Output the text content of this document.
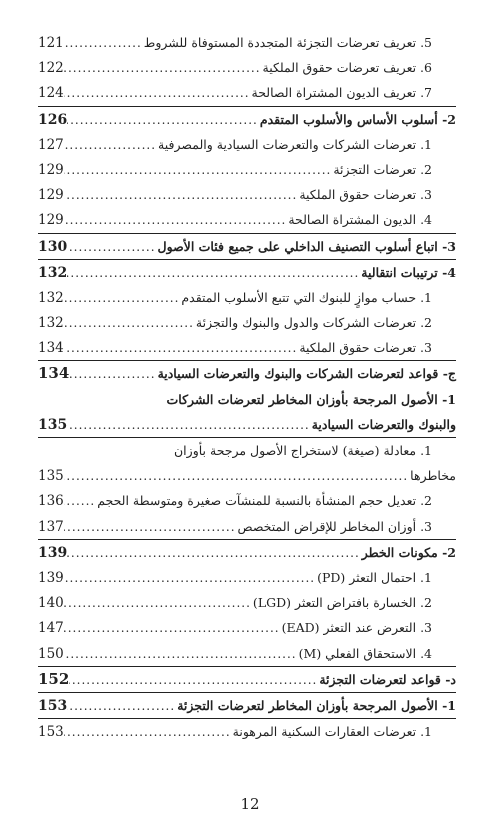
5. تعريف تعرضات التجزئة المتجددة المستوفاة للشروط
.....
121
6. تعريف تعرضات حقوق الملكية
.....
122
7. تعريف الديون المشتراة الصالحة
.....
124
2- أسلوب الأساس والأسلوب المتقدم
.....
126
1. تعرضات الشركات والتعرضات السيادية والمصرفية
.....
127
2. تعرضات التجزئة
.....
129
3. تعرضات حقوق الملكية
.....
129
4. الديون المشتراة الصالحة
.....
129
3- اتباع أسلوب التصنيف الداخلي على جميع فئات الأصول
.....
130
4- ترتيبات انتقالية
.....
132
1. حساب موازٍ للبنوك التي تتبع الأسلوب المتقدم
.....
132
2. تعرضات الشركات والدول والبنوك والتجزئة
.....
132
3. تعرضات حقوق الملكية
.....
134
ج- قواعد لتعرضات الشركات والبنوك والتعرضات السيادية
.....
134
1- الأصول المرجحة بأوزان المخاطر لتعرضات الشركات
والبنوك والتعرضات السيادية
.....
135
1. معادلة (صيغة) لاستخراج الأصول مرجحة بأوزان
مخاطرها
.....
135
2. تعديل حجم المنشأة بالنسبة للمنشآت صغيرة ومتوسطة الحجم
.....
136
3. أوزان المخاطر للإقراض المتخصص
.....
137
2- مكونات الخطر
.....
139
1. احتمال التعثر (PD)
.....
139
2. الخسارة بافتراض التعثر (LGD)
.....
140
3. التعرض عند التعثر (EAD)
.....
147
4. الاستحقاق الفعلي (M)
.....
150
د- قواعد لتعرضات التجزئة
.....
152
1- الأصول المرجحة بأوزان المخاطر لتعرضات التجزئة
.....
153
1. تعرضات العقارات السكنية المرهونة
.....
153
12
